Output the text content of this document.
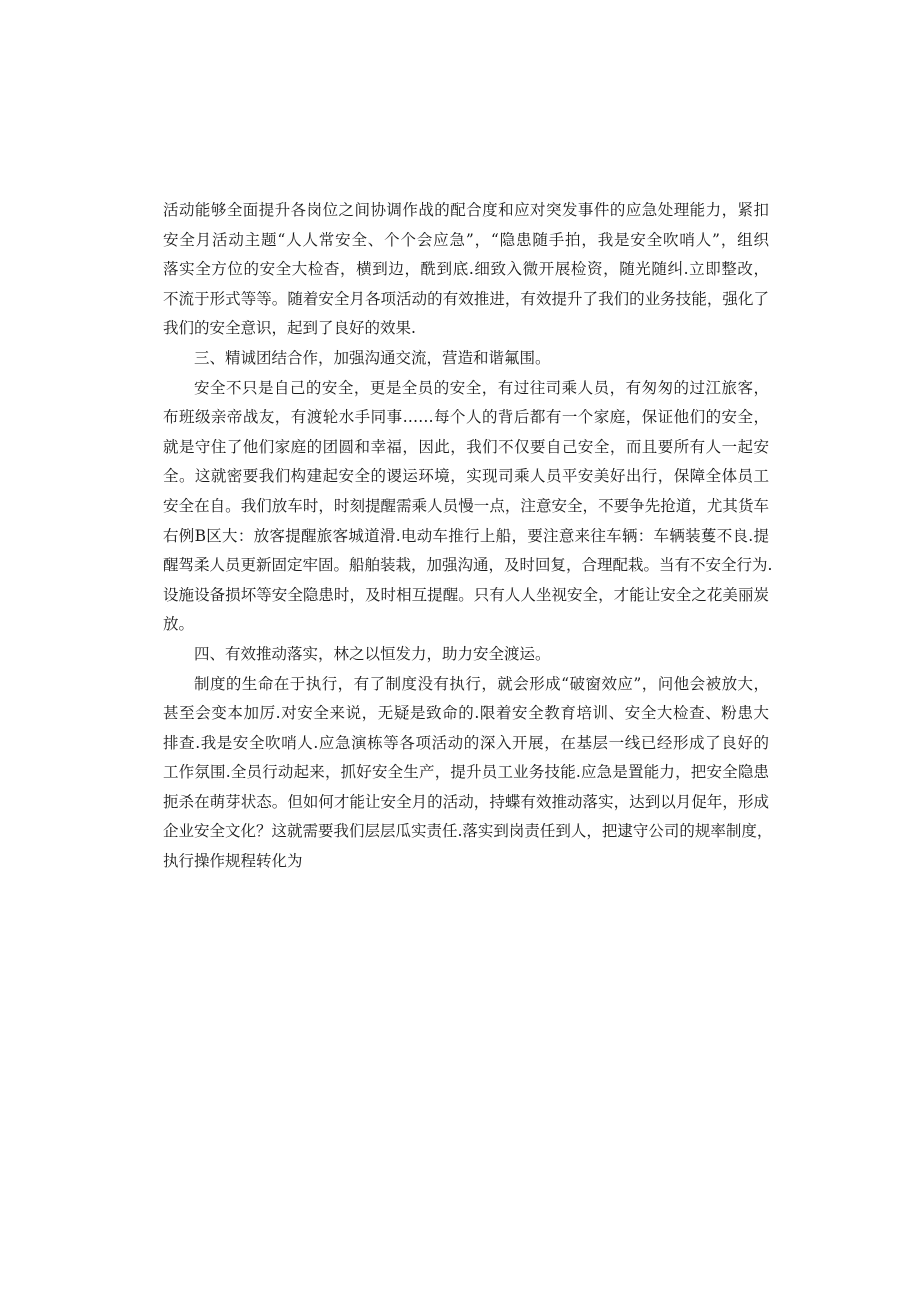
活动能够全面提升各岗位之间协调作战的配合度和应对突发事件的应急处理能力，紧扣
安全月活动主题“人人常安全、个个会应急”，“隐患随手拍，我是安全吹哨人”，组织
落实全方位的安全大检杳，横到边，酰到底.细致入微开展检资，随光随纠.立即整改，
不流于形式等等。随着安全月各项活动的有效推进，有效提升了我们的业务技能，强化了
我们的安全意识，起到了良好的效果.
三、精诚团结合作，加强沟通交流，营造和谐氟围。
安全不只是自己的安全，更是全员的安全，有过往司乘人员，有匆匆的过江旅客，
布班级亲帝战友，有渡轮水手同事……每个人的背后都有一个家庭，保证他们的安全，
就是守住了他们家庭的团圆和幸福，因此，我们不仅要自己安全，而且要所有人一起安
全。这就密要我们构建起安全的谡运环境，实现司乘人员平安美好出行，保障全体员工
安全在自。我们放车时，时刻提醒需乘人员慢一点，注意安全，不要争先抢道，尤其货车
右例B区大：放客提醒旅客城道滑.电动车推行上船，要注意来往车辆：车辆装蒦不良.提
醒驾柔人员更新固定牢固。船舶装栽，加强沟通，及时回复，合理配栽。当有不安全行为.
设施设备损坏等安全隐患时，及时相互提醒。只有人人坐视安全，才能让安全之花美丽炭
放。
四、有效推动落实，林之以恒发力，助力安全渡运。
制度的生命在于执行，有了制度没有执行，就会形成“破窗效应”，问他会被放大，
甚至会变本加厉.对安全来说，无疑是致命的.限着安全教育培训、安全大检查、粉患大
排查.我是安全吹哨人.应急演栋等各项活动的深入开展，在基层一线已经形成了良好的
工作氛围.全员行动起来，抓好安全生产，提升员工业务技能.应急是置能力，把安全隐患
扼杀在萌芽状态。但如何才能让安全月的活动，持蝶有效推动落实，达到以月促年，形成
企业安全文化？这就需要我们层层瓜实责任.落实到岗责任到人，把逮守公司的规率制度，
执行操作规程转化为
